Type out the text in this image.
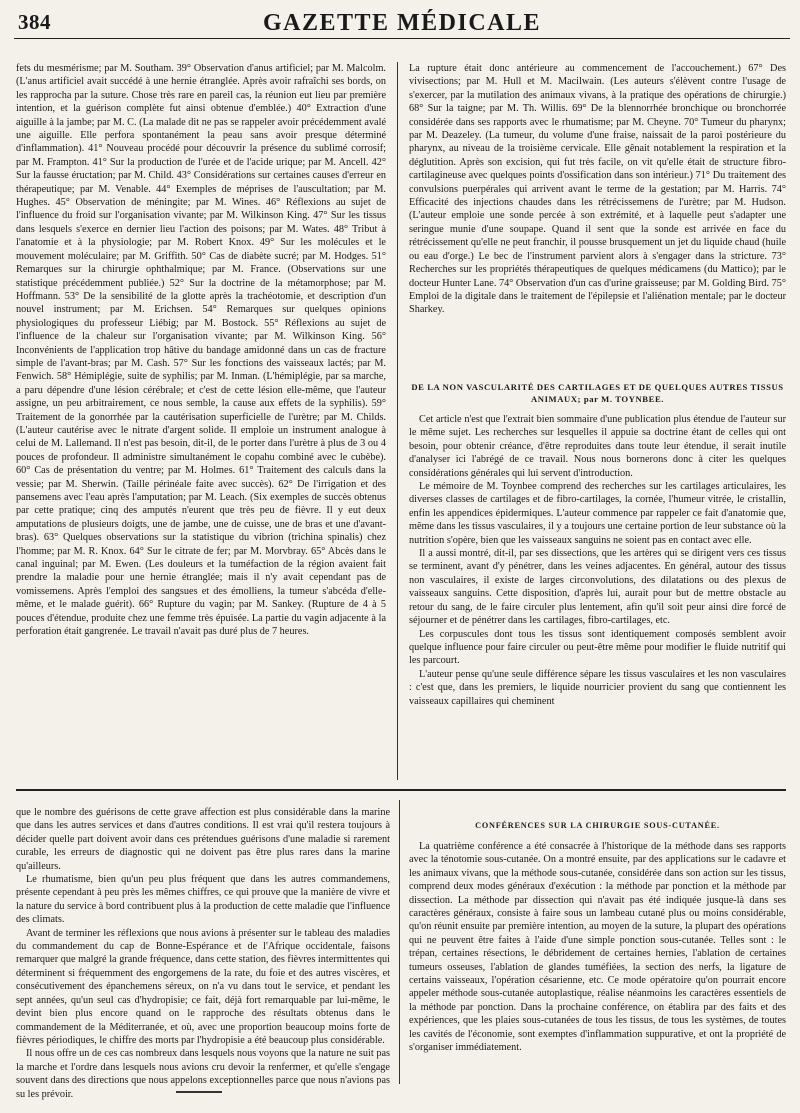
384	GAZETTE MÉDICALE

fets du mesmérisme; par M. Southam. 39° Observation d'anus artificiel; par M. Malcolm. (L'anus artificiel avait succédé à une hernie étranglée. Après avoir rafraîchi ses bords, on les rapprocha par la suture. Chose très rare en pareil cas, la réunion eut lieu par première intention, et la guérison complète fut ainsi obtenue d'emblée.) 40° Extraction d'une aiguille à la jambe; par M. C. (La malade dit ne pas se rappeler avoir précédemment avalé une aiguille. Elle perfora spontanément la peau sans avoir presque déterminé d'inflammation). 41° Nouveau procédé pour découvrir la présence du sublimé corrosif; par M. Frampton. 41° Sur la production de l'urée et de l'acide urique; par M. Ancell. 42° Sur la fausse éructation; par M. Child. 43° Considérations sur certaines causes d'erreur en thérapeutique; par M. Venable. 44° Exemples de méprises de l'auscultation; par M. Hughes. 45° Observation de méningite; par M. Wines. 46° Réflexions au sujet de l'influence du froid sur l'organisation vivante; par M. Wilkinson King. 47° Sur les tissus dans lesquels s'exerce en dernier lieu l'action des poisons; par M. Wates. 48° Tribut à l'anatomie et à la physiologie; par M. Robert Knox. 49° Sur les molécules et le mouvement moléculaire; par M. Griffith. 50° Cas de diabète sucré; par M. Hodges. 51° Remarques sur la chirurgie ophthalmique; par M. France. (Observations sur une statistique précédemment publiée.) 52° Sur la doctrine de la métamorphose; par M. Hoffmann. 53° De la sensibilité de la glotte après la trachéotomie, et description d'un nouvel instrument; par M. Erichsen. 54° Remarques sur quelques opinions physiologiques du professeur Liébig; par M. Bostock. 55° Réflexions au sujet de l'influence de la chaleur sur l'organisation vivante; par M. Wilkinson King. 56° Inconvénients de l'application trop hâtive du bandage amidonné dans un cas de fracture simple de l'avant-bras; par M. Cash. 57° Sur les fonctions des vaisseaux lactés; par M. Fenwich. 58° Hémiplégie, suite de syphilis; par M. Inman. (L'hémiplégie, par sa marche, a paru dépendre d'une lésion cérébrale; et c'est de cette lésion elle-même, que l'auteur assigne, un peu arbitrairement, ce nous semble, la cause aux effets de la syphilis). 59° Traitement de la gonorrhée par la cautérisation superficielle de l'urètre; par M. Childs. (L'auteur cautérise avec le nitrate d'argent solide. Il emploie un instrument analogue à celui de M. Lallemand. Il n'est pas besoin, dit-il, de le porter dans l'urètre à plus de 3 ou 4 pouces de profondeur. Il administre simultanément le copahu combiné avec le cubèbe). 60° Cas de présentation du ventre; par M. Holmes. 61° Traitement des calculs dans la vessie; par M. Sherwin. (Taille périnéale faite avec succès). 62° De l'irrigation et des pansemens avec l'eau après l'amputation; par M. Leach. (Six exemples de succès obtenus par cette pratique; cinq des amputés n'eurent que très peu de fièvre. Il y eut deux amputations de plusieurs doigts, une de jambe, une de cuisse, une de bras et une d'avant-bras). 63° Quelques observations sur la statistique du vibrion (trichina spinalis) chez l'homme; par M. R. Knox. 64° Sur le citrate de fer; par M. Morvbray. 65° Abcès dans le canal inguinal; par M. Ewen. (Les douleurs et la tuméfaction de la région avaient fait prendre la maladie pour une hernie étranglée; mais il n'y avait cependant pas de vomissemens. Après l'emploi des sangsues et des émolliens, la tumeur s'abcéda d'elle-même, et le malade guérit). 66° Rupture du vagin; par M. Sankey. (Rupture de 4 à 5 pouces d'étendue, produite chez une femme très épuisée. La partie du vagin adjacente à la perforation était gangrenée. Le travail n'avait pas duré plus de 7 heures.

La rupture était donc antérieure au commencement de l'accouchement.) 67° Des vivisections; par M. Hull et M. Macilwain. (Les auteurs s'élèvent contre l'usage de s'exercer, par la mutilation des animaux vivans, à la pratique des opérations de chirurgie.) 68° Sur la taigne; par M. Th. Willis. 69° De la blennorrhée bronchique ou bronchorrée considérée dans ses rapports avec le rhumatisme; par M. Cheyne. 70° Tumeur du pharynx; par M. Deazeley. (La tumeur, du volume d'une fraise, naissait de la paroi postérieure du pharynx, au niveau de la troisième cervicale. Elle gênait notablement la respiration et la déglutition. Après son excision, qui fut très facile, on vit qu'elle était de structure fibro-cartilagineuse avec quelques points d'ossification dans son intérieur.) 71° Du traitement des convulsions puerpérales qui arrivent avant le terme de la gestation; par M. Harris. 74° Efficacité des injections chaudes dans les rétrécissemens de l'urètre; par M. Hudson. (L'auteur emploie une sonde percée à son extrémité, et à laquelle peut s'adapter une seringue munie d'une soupape. Quand il sent que la sonde est arrivée en face du rétrécissement qu'elle ne peut franchir, il pousse brusquement un jet du liquide chaud (huile ou eau d'orge.) Le bec de l'instrument parvient alors à s'engager dans la stricture. 73° Recherches sur les propriétés thérapeutiques de quelques médicamens (du Mattico); par le docteur Hunter Lane. 74° Observation d'un cas d'urine graisseuse; par M. Golding Bird. 75° Emploi de la digitale dans le traitement de l'épilepsie et l'aliénation mentale; par le docteur Sharkey.

DE LA NON VASCULARITÉ DES CARTILAGES ET DE QUELQUES AUTRES TISSUS ANIMAUX; par M. TOYNBEE.

Cet article n'est que l'extrait bien sommaire d'une publication plus étendue de l'auteur sur le même sujet. Les recherches sur lesquelles il appuie sa doctrine étant de celles qui ont besoin, pour obtenir créance, d'être reproduites dans toute leur étendue, il serait inutile d'analyser ici l'abrégé de ce travail. Nous nous bornerons donc à citer les quelques considérations générales qui lui servent d'introduction.

Le mémoire de M. Toynbee comprend des recherches sur les cartilages articulaires, les diverses classes de cartilages et de fibro-cartilages, la cornée, l'humeur vitrée, le cristallin, enfin les appendices épidermiques. L'auteur commence par rappeler ce fait d'anatomie que, même dans les tissus vasculaires, il y a toujours une certaine portion de leur substance où la nutrition s'opère, bien que les vaisseaux sanguins ne soient pas en contact avec elle.

Il a aussi montré, dit-il, par ses dissections, que les artères qui se dirigent vers ces tissus se terminent, avant d'y pénétrer, dans les veines adjacentes. En général, autour des tissus non vasculaires, il existe de larges circonvolutions, des dilatations ou des plexus de vaisseaux sanguins. Cette disposition, d'après lui, aurait pour but de mettre obstacle au retour du sang, de le faire circuler plus lentement, afin qu'il soit peur ainsi dire forcé de séjourner et de pénétrer dans les cartilages, fibro-cartilages, etc.

Les corpuscules dont tous les tissus sont identiquement composés semblent avoir quelque influence pour faire circuler ou peut-être même pour modifier le fluide nutritif qui les parcourt.

L'auteur pense qu'une seule différence sépare les tissus vasculaires et les non vasculaires : c'est que, dans les premiers, le liquide nourricier provient du sang que contiennent les vaisseaux capillaires qui cheminent

que le nombre des guérisons de cette grave affection est plus considérable dans la marine que dans les autres services et dans d'autres conditions. Il est vrai qu'il restera toujours à décider quelle part doivent avoir dans ces prétendues guérisons d'une maladie si rarement curable, les erreurs de diagnostic qui ne doivent pas être plus rares dans la marine qu'ailleurs.

Le rhumatisme, bien qu'un peu plus fréquent que dans les autres commandemens, présente cependant à peu près les mêmes chiffres, ce qui prouve que la manière de vivre et la nature du service à bord contribuent plus à la production de cette maladie que l'influence des climats.

Avant de terminer les réflexions que nous avions à présenter sur le tableau des maladies du commandement du cap de Bonne-Espérance et de l'Afrique occidentale, faisons remarquer que malgré la grande fréquence, dans cette station, des fièvres intermittentes qui déterminent si fréquemment des engorgemens de la rate, du foie et des autres viscères, et consécutivement des épanchemens séreux, on n'a vu dans tout le service, et pendant les sept années, qu'un seul cas d'hydropisie; ce fait, déjà fort remarquable par lui-même, le devint bien plus encore quand on le rapproche des résultats obtenus dans le commandement de la Méditerranée, et où, avec une proportion beaucoup moins forte de fièvres périodiques, le chiffre des morts par l'hydropisie a été beaucoup plus considérable.

Il nous offre un de ces cas nombreux dans lesquels nous voyons que la nature ne suit pas la marche et l'ordre dans lesquels nous avions cru devoir la renfermer, et qu'elle s'engage souvent dans des directions que nous appelons exceptionnelles parce que nous n'avions pas su les prévoir.

CONFÉRENCES SUR LA CHIRURGIE SOUS-CUTANÉE.

La quatrième conférence a été consacrée à l'historique de la méthode dans ses rapports avec la ténotomie sous-cutanée. On a montré ensuite, par des applications sur le cadavre et les animaux vivans, que la méthode sous-cutanée, considérée dans son action sur les tissus, comprend deux modes généraux d'exécution : la méthode par ponction et la méthode par dissection. La méthode par dissection qui n'avait pas été indiquée jusque-là dans ses caractères généraux, consiste à faire sous un lambeau cutané plus ou moins considérable, qu'on réunit ensuite par première intention, au moyen de la suture, la plupart des opérations qui ne peuvent être faites à l'aide d'une simple ponction sous-cutanée. Telles sont : le trépan, certaines résections, le débridement de certaines hernies, l'ablation de certaines tumeurs osseuses, l'ablation de glandes tuméfiées, la section des nerfs, la ligature de certains vaisseaux, l'opération césarienne, etc. Ce mode opératoire qu'on pourrait encore appeler méthode sous-cutanée autoplastique, réalise néanmoins les caractères essentiels de la méthode par ponction. Dans la prochaine conférence, on établira par des faits et des expériences, que les plaies sous-cutanées de tous les tissus, de tous les systèmes, de toutes les cavités de l'économie, sont exemptes d'inflammation suppurative, et ont la propriété de s'organiser immédiatement.
